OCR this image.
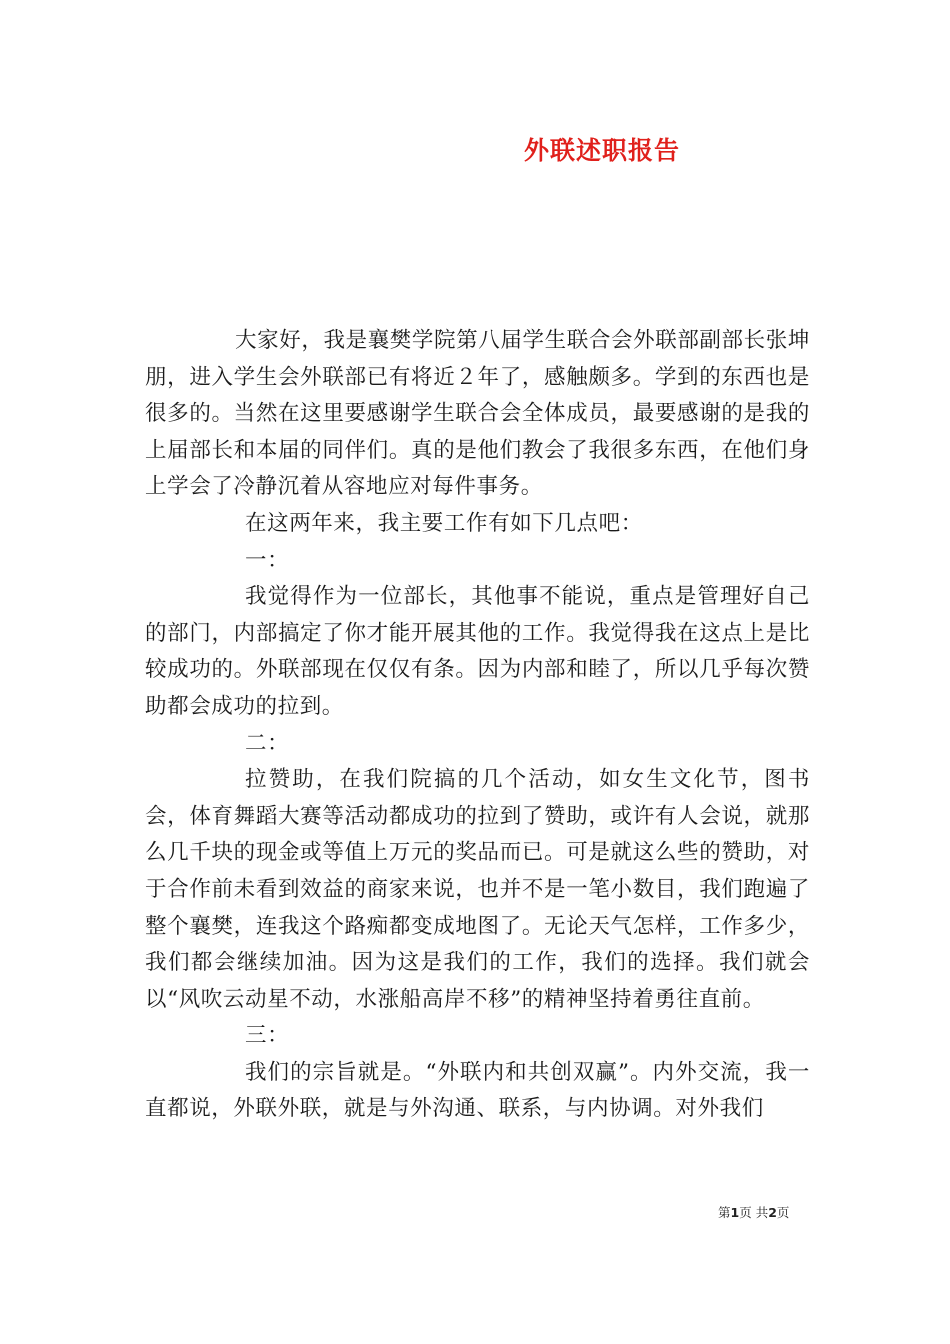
外联述职报告

大家好，我是襄樊学院第八届学生联合会外联部副部长张坤朋，进入学生会外联部已有将近２年了，感触颇多。学到的东西也是很多的。当然在这里要感谢学生联合会全体成员，最要感谢的是我的上届部长和本届的同伴们。真的是他们教会了我很多东西，在他们身上学会了冷静沉着从容地应对每件事务。

在这两年来，我主要工作有如下几点吧：

一：

我觉得作为一位部长，其他事不能说，重点是管理好自己的部门，内部搞定了你才能开展其他的工作。我觉得我在这点上是比较成功的。外联部现在仅仅有条。因为内部和睦了，所以几乎每次赞助都会成功的拉到。

二：

拉赞助，在我们院搞的几个活动，如女生文化节，图书会，体育舞蹈大赛等活动都成功的拉到了赞助，或许有人会说，就那么几千块的现金或等值上万元的奖品而已。可是就这么些的赞助，对于合作前未看到效益的商家来说，也并不是一笔小数目，我们跑遍了整个襄樊，连我这个路痴都变成地图了。无论天气怎样，工作多少，我们都会继续加油。因为这是我们的工作，我们的选择。我们就会以“风吹云动星不动，水涨船高岸不移”的精神坚持着勇往直前。

三：

我们的宗旨就是。“外联内和共创双赢”。内外交流，我一直都说，外联外联，就是与外沟通、联系，与内协调。对外我们

第1页 共2页
